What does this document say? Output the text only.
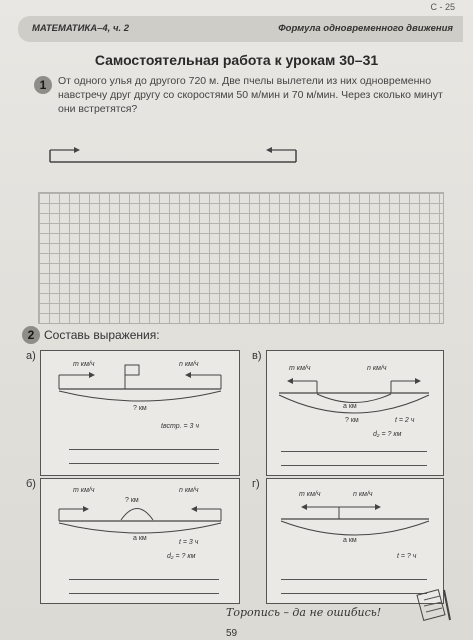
С - 25
МАТЕМАТИКА–4, ч. 2	Формула одновременного движения
Самостоятельная работа к урокам 30–31
1	От одного улья до другого 720 м. Две пчелы вылетели из них одновременно навстречу друг другу со скоростями 50 м/мин и 70 м/мин. Через сколько минут они встретятся?
2 Составь выражения:
а)
m км/ч	n км/ч
? км
tвстр. = 3 ч
в)
m км/ч	n км/ч
a км
? км	t = 2 ч
d₂ = ? км
б)
m км/ч	n км/ч
? км
a км
t = 3 ч
d₂ = ? км
г)
m км/ч	n км/ч
a км
t = ? ч
Торопись – да не ошибись!
59
